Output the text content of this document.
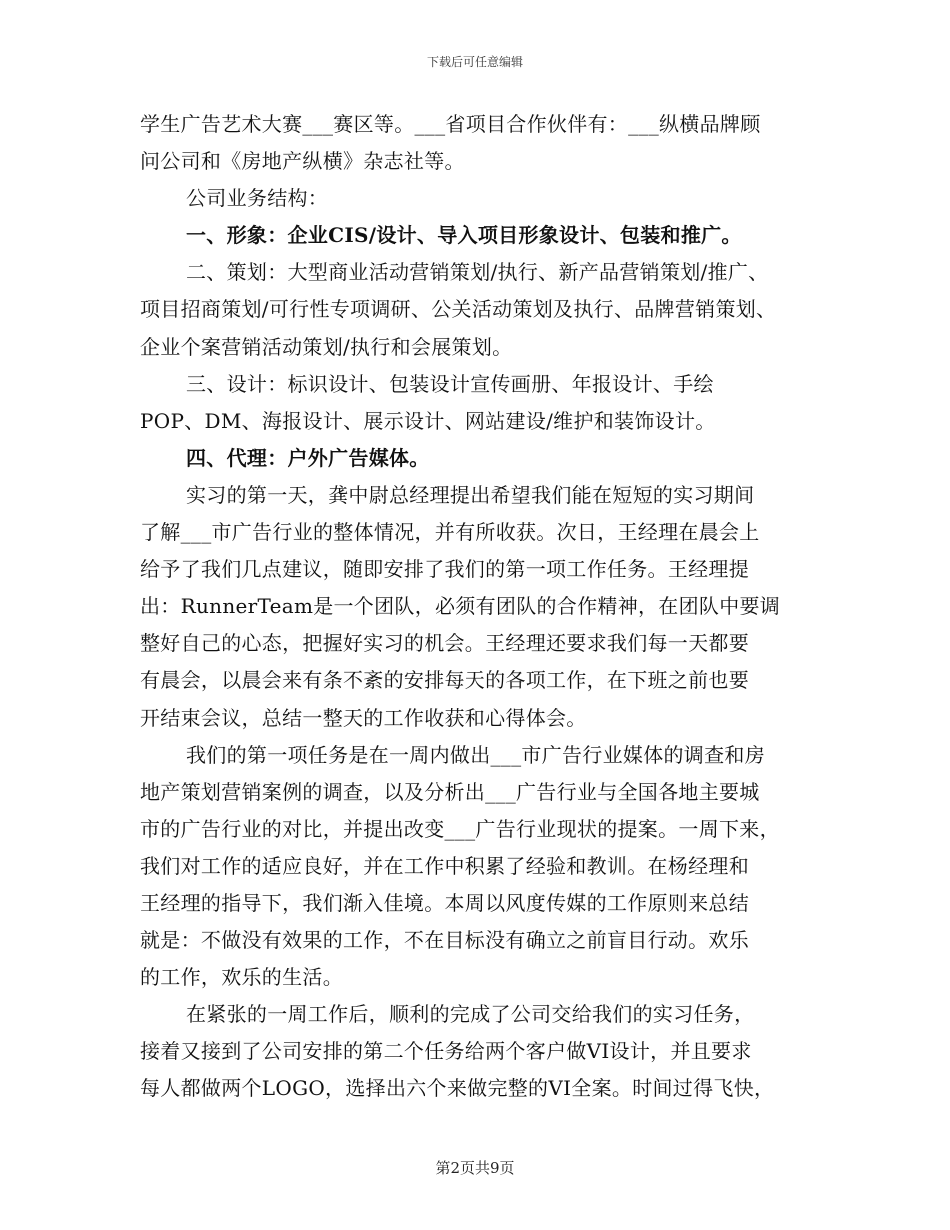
下载后可任意编辑
学生广告艺术大赛___赛区等。___省项目合作伙伴有：___纵横品牌顾
问公司和《房地产纵横》杂志社等。
公司业务结构：
一、形象：企业CIS/设计、导入项目形象设计、包装和推广。
二、策划：大型商业活动营销策划/执行、新产品营销策划/推广、
项目招商策划/可行性专项调研、公关活动策划及执行、品牌营销策划、
企业个案营销活动策划/执行和会展策划。
三、设计：标识设计、包装设计宣传画册、年报设计、手绘
POP、DM、海报设计、展示设计、网站建设/维护和装饰设计。
四、代理：户外广告媒体。
实习的第一天，龚中尉总经理提出希望我们能在短短的实习期间
了解___市广告行业的整体情况，并有所收获。次日，王经理在晨会上
给予了我们几点建议，随即安排了我们的第一项工作任务。王经理提
出：RunnerTeam是一个团队，必须有团队的合作精神，在团队中要调
整好自己的心态，把握好实习的机会。王经理还要求我们每一天都要
有晨会，以晨会来有条不紊的安排每天的各项工作，在下班之前也要
开结束会议，总结一整天的工作收获和心得体会。
我们的第一项任务是在一周内做出___市广告行业媒体的调查和房
地产策划营销案例的调查，以及分析出___广告行业与全国各地主要城
市的广告行业的对比，并提出改变___广告行业现状的提案。一周下来，
我们对工作的适应良好，并在工作中积累了经验和教训。在杨经理和
王经理的指导下，我们渐入佳境。本周以风度传媒的工作原则来总结
就是：不做没有效果的工作，不在目标没有确立之前盲目行动。欢乐
的工作，欢乐的生活。
在紧张的一周工作后，顺利的完成了公司交给我们的实习任务，
接着又接到了公司安排的第二个任务给两个客户做VI设计，并且要求
每人都做两个LOGO，选择出六个来做完整的VI全案。时间过得飞快，
第2页共9页
